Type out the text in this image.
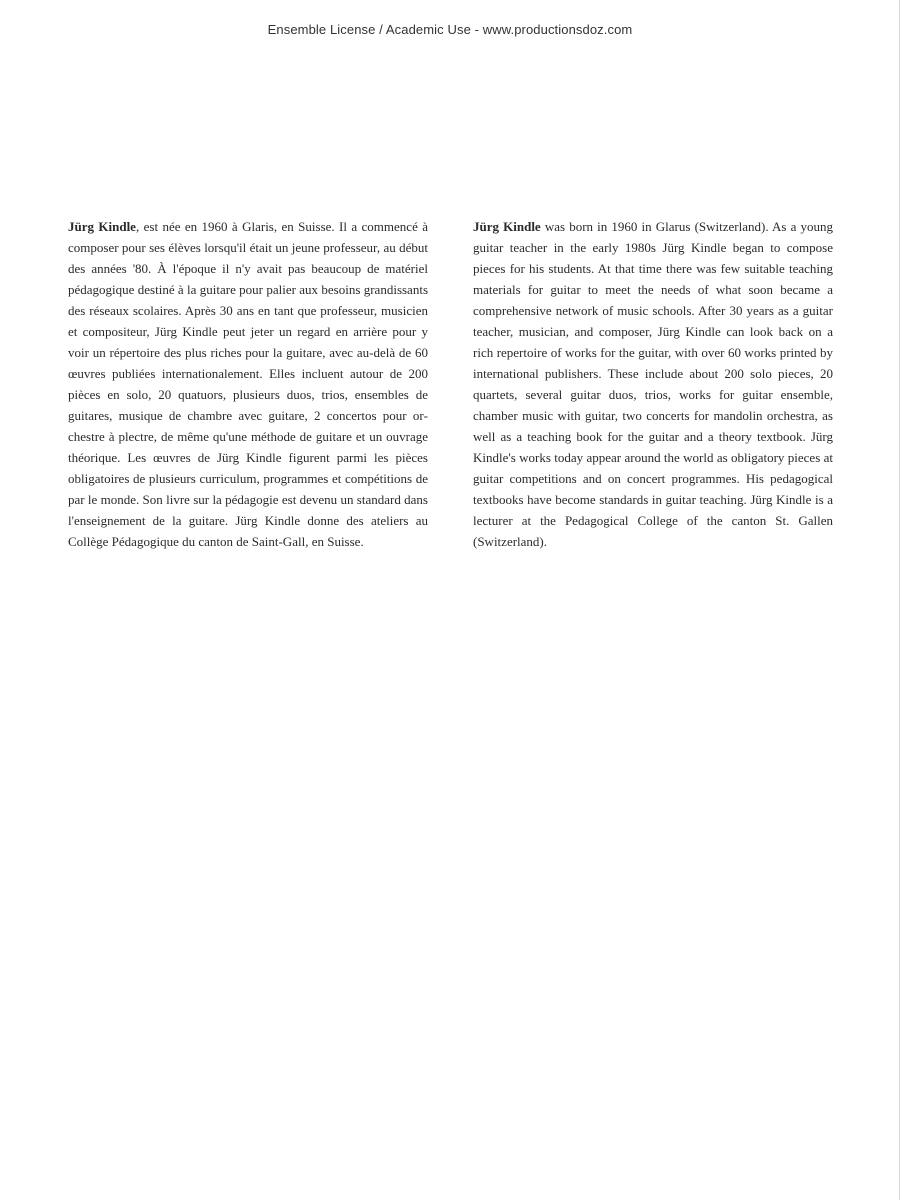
Ensemble License / Academic Use - www.productionsdoz.com

Jürg Kindle, est née en 1960 à Glaris, en Suisse. Il a commencé à composer pour ses élèves lorsqu'il était un jeune professeur, au début des années '80. À l'époque il n'y avait pas beaucoup de matériel pédagogique destiné à la guitare pour palier aux besoins grandissants des réseaux scolaires. Après 30 ans en tant que professeur, musicien et compositeur, Jürg Kindle peut jeter un regard en arrière pour y voir un répertoire des plus riches pour la guitare, avec au-delà de 60 œuvres publiées internationalement. Elles incluent autour de 200 pièces en solo, 20 quatuors, plusieurs duos, trios, ensembles de guitares, musique de chambre avec guitare, 2 concertos pour orchestre à plectre, de même qu'une méthode de guitare et un ouvrage théorique. Les œuvres de Jürg Kindle figurent parmi les pièces obligatoires de plusieurs curriculum, programmes et compétitions de par le monde. Son livre sur la pédagogie est devenu un standard dans l'enseignement de la guitare. Jürg Kindle donne des ateliers au Collège Pédagogique du canton de Saint-Gall, en Suisse.

Jürg Kindle was born in 1960 in Glarus (Switzerland). As a young guitar teacher in the early 1980s Jürg Kindle began to compose pieces for his students. At that time there was few suitable teaching materials for guitar to meet the needs of what soon became a comprehensive network of music schools. After 30 years as a guitar teacher, musician, and composer, Jürg Kindle can look back on a rich repertoire of works for the guitar, with over 60 works printed by international publishers. These include about 200 solo pieces, 20 quartets, several guitar duos, trios, works for guitar ensemble, chamber music with guitar, two concerts for mandolin orchestra, as well as a teaching book for the guitar and a theory textbook. Jürg Kindle's works today appear around the world as obligatory pieces at guitar competitions and on concert programmes. His pedagogical textbooks have become standards in guitar teaching. Jürg Kindle is a lecturer at the Pedagogical College of the canton St. Gallen (Switzerland).
